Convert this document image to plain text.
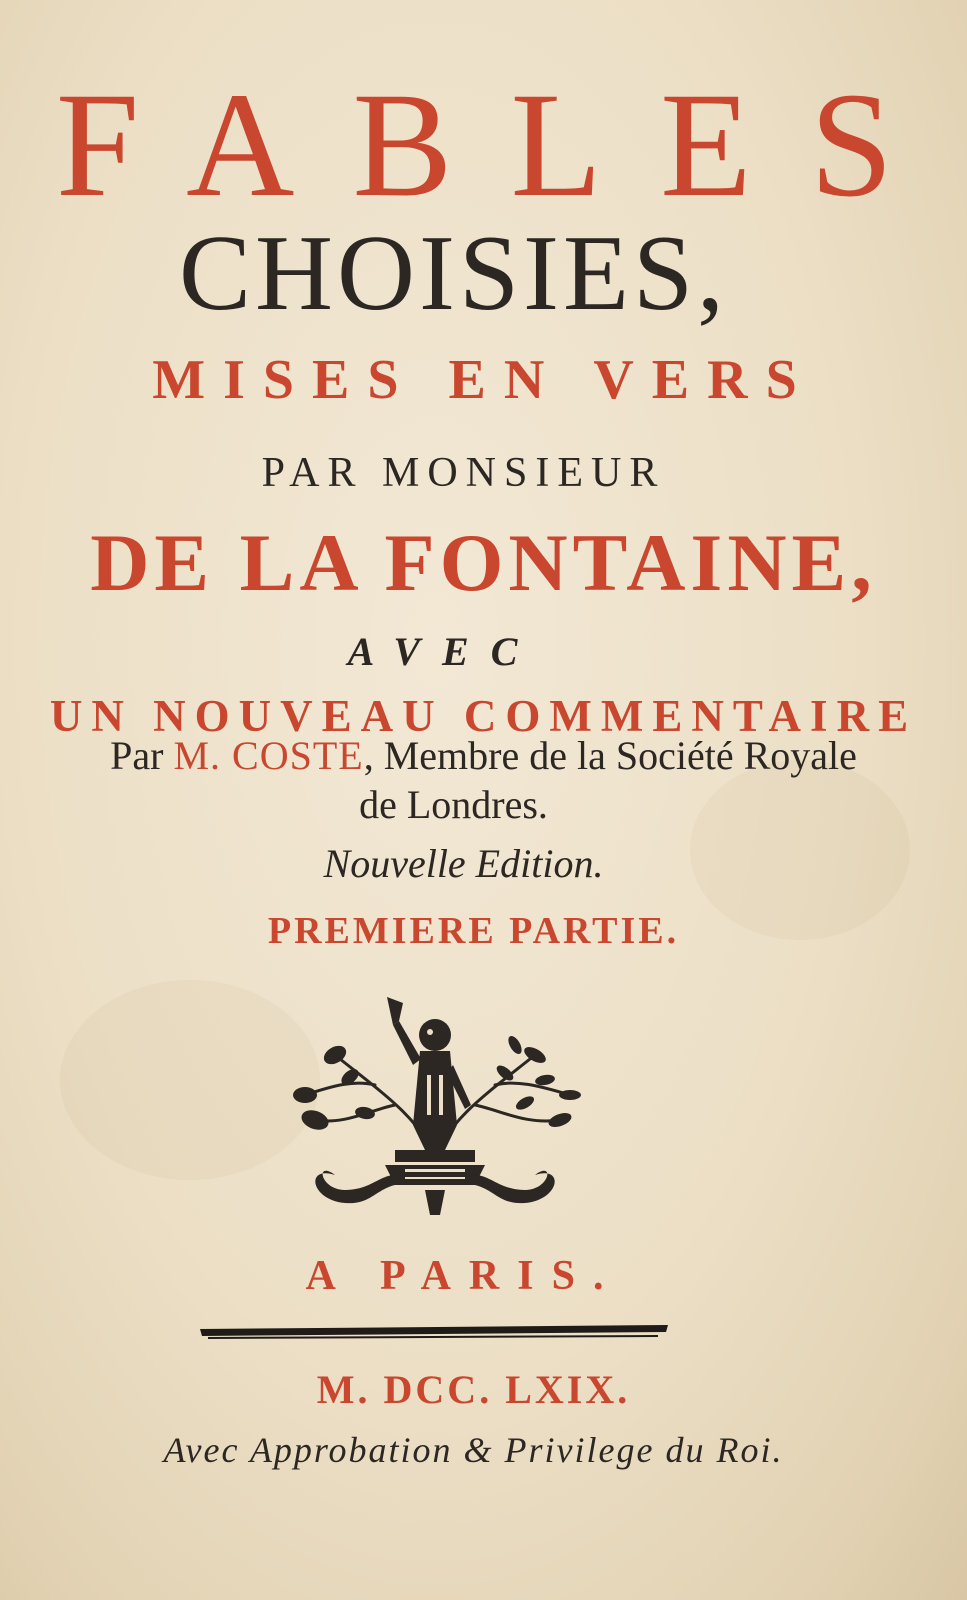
FABLES
CHOISIES,
MISES EN VERS
PAR MONSIEUR
DE LA FONTAINE,
AVEC
UN NOUVEAU COMMENTAIRE
Par M. COSTE, Membre de la Société Royale
de Londres.
Nouvelle Edition.
PREMIERE PARTIE.
A PARIS.
M. DCC. LXIX.
Avec Approbation & Privilege du Roi.
